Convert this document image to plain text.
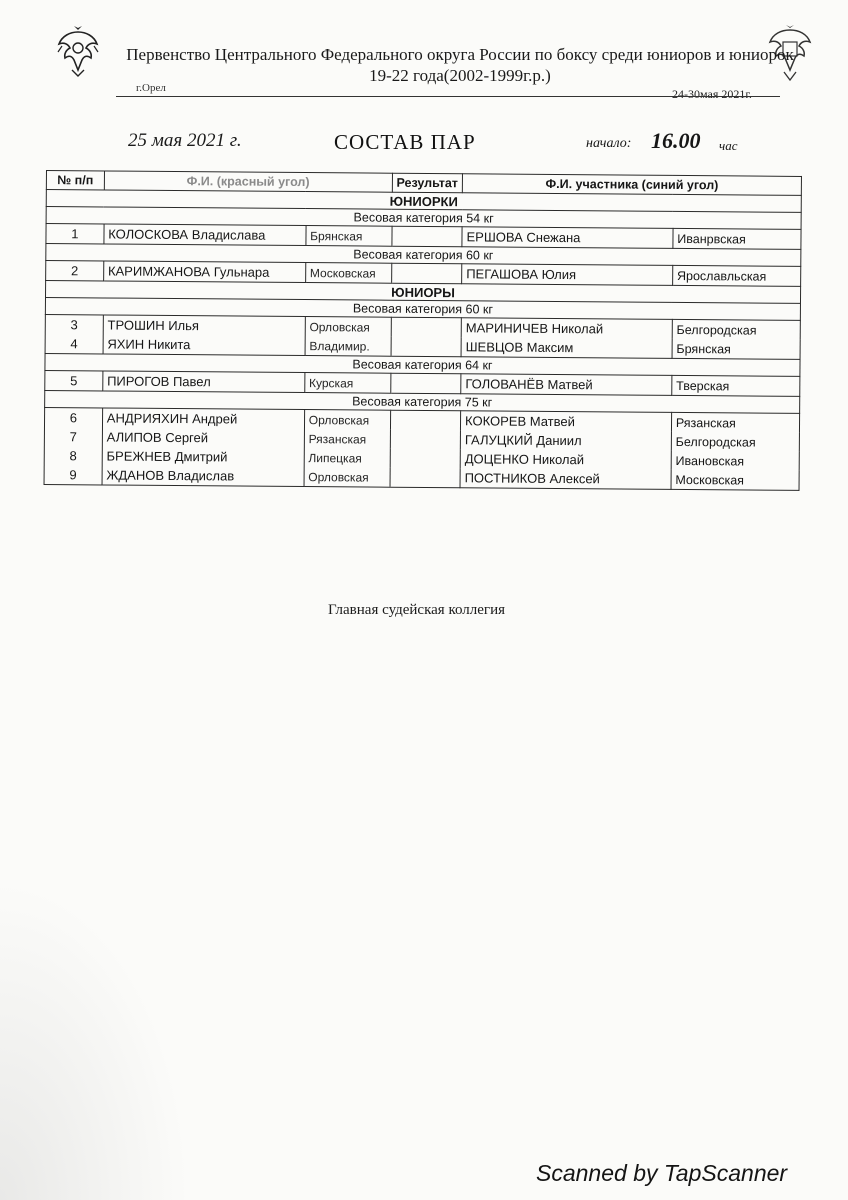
Первенство Центрального Федерального округа России по боксу среди юниоров и юниорок 19-22 года(2002-1999г.р.)
г.Орел	24-30мая 2021г.
25 мая 2021 г.	СОСТАВ ПАР	начало: 16.00 час
№ п/п	Ф.И. (красный угол)		Результат	Ф.И. участника (синий угол)	
ЮНИОРКИ					
Весовая категория 54 кг					
1	КОЛОСКОВА Владислава	Брянская		ЕРШОВА Снежана	Иванрвская
Весовая категория 60 кг					
2	КАРИМЖАНОВА Гульнара	Московская		ПЕГАШОВА Юлия	Ярославльская
ЮНИОРЫ					
Весовая категория 60 кг					
3	ТРОШИН Илья	Орловская		МАРИНИЧЕВ Николай	Белгородская
4	ЯХИН Никита	Владимир.		ШЕВЦОВ Максим	Брянская
Весовая категория 64 кг					
5	ПИРОГОВ Павел	Курская		ГОЛОВАНЁВ Матвей	Тверская
Весовая категория 75 кг					
6	АНДРИЯХИН Андрей	Орловская		КОКОРЕВ Матвей	Рязанская
7	АЛИПОВ Сергей	Рязанская		ГАЛУЦКИЙ Даниил	Белгородская
8	БРЕЖНЕВ Дмитрий	Липецкая		ДОЦЕНКО Николай	Ивановская
9	ЖДАНОВ Владислав	Орловская		ПОСТНИКОВ Алексей	Московская
Главная судейская коллегия
Scanned by TapScanner
